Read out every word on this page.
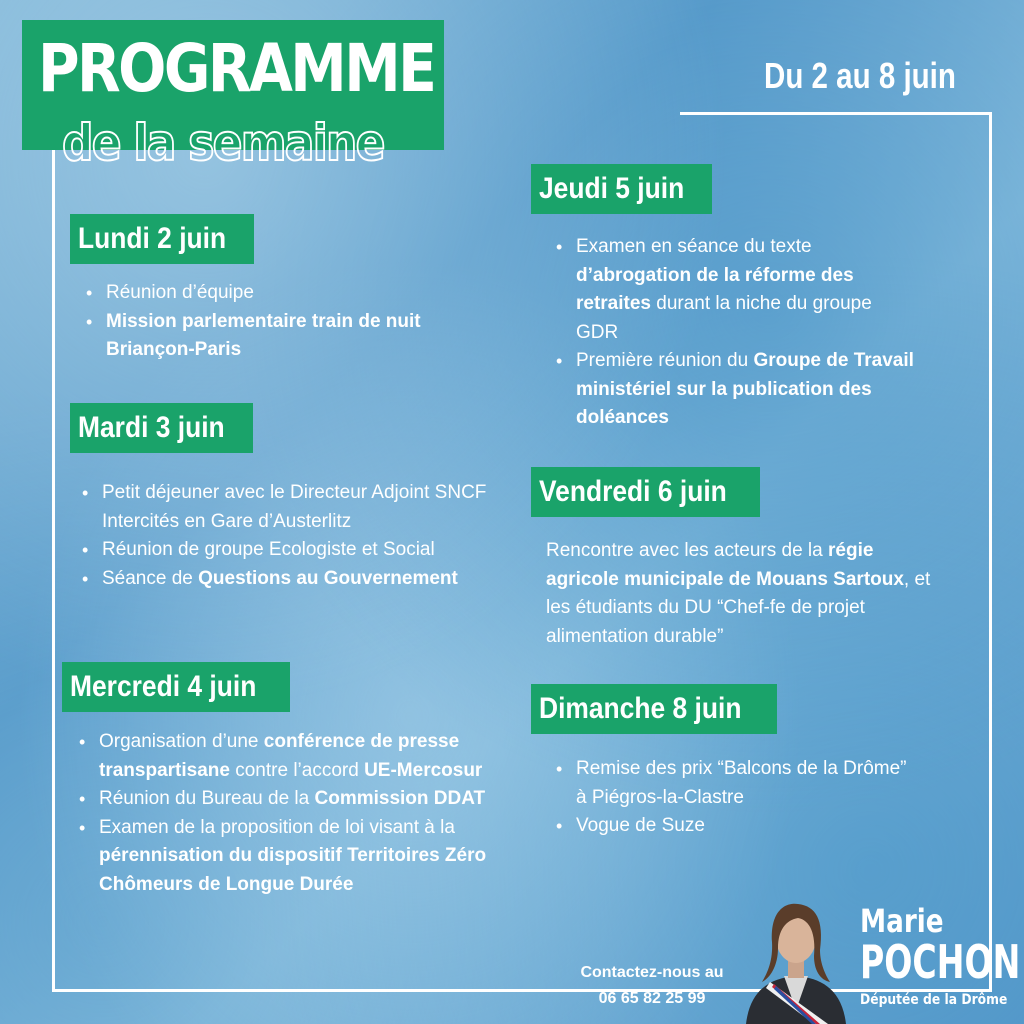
PROGRAMME
de la semaine
Du 2 au 8 juin
Lundi 2 juin
• Réunion d’équipe
• Mission parlementaire train de nuit Briançon-Paris
Mardi 3 juin
• Petit déjeuner avec le Directeur Adjoint SNCF Intercités en Gare d’Austerlitz
• Réunion de groupe Ecologiste et Social
• Séance de Questions au Gouvernement
Mercredi 4 juin
• Organisation d’une conférence de presse transpartisane contre l’accord UE-Mercosur
• Réunion du Bureau de la Commission DDAT
• Examen de la proposition de loi visant à la pérennisation du dispositif Territoires Zéro Chômeurs de Longue Durée
Jeudi 5 juin
• Examen en séance du texte d’abrogation de la réforme des retraites durant la niche du groupe GDR
• Première réunion du Groupe de Travail ministériel sur la publication des doléances
Vendredi 6 juin

Rencontre avec les acteurs de la régie agricole municipale de Mouans Sartoux, et les étudiants du DU “Chef-fe de projet alimentation durable”

Dimanche 8 juin
• Remise des prix “Balcons de la Drôme” à Piégros-la-Clastre
• Vogue de Suze
Contactez-nous au
06 65 82 25 99
Marie
POCHON
Députée de la Drôme
